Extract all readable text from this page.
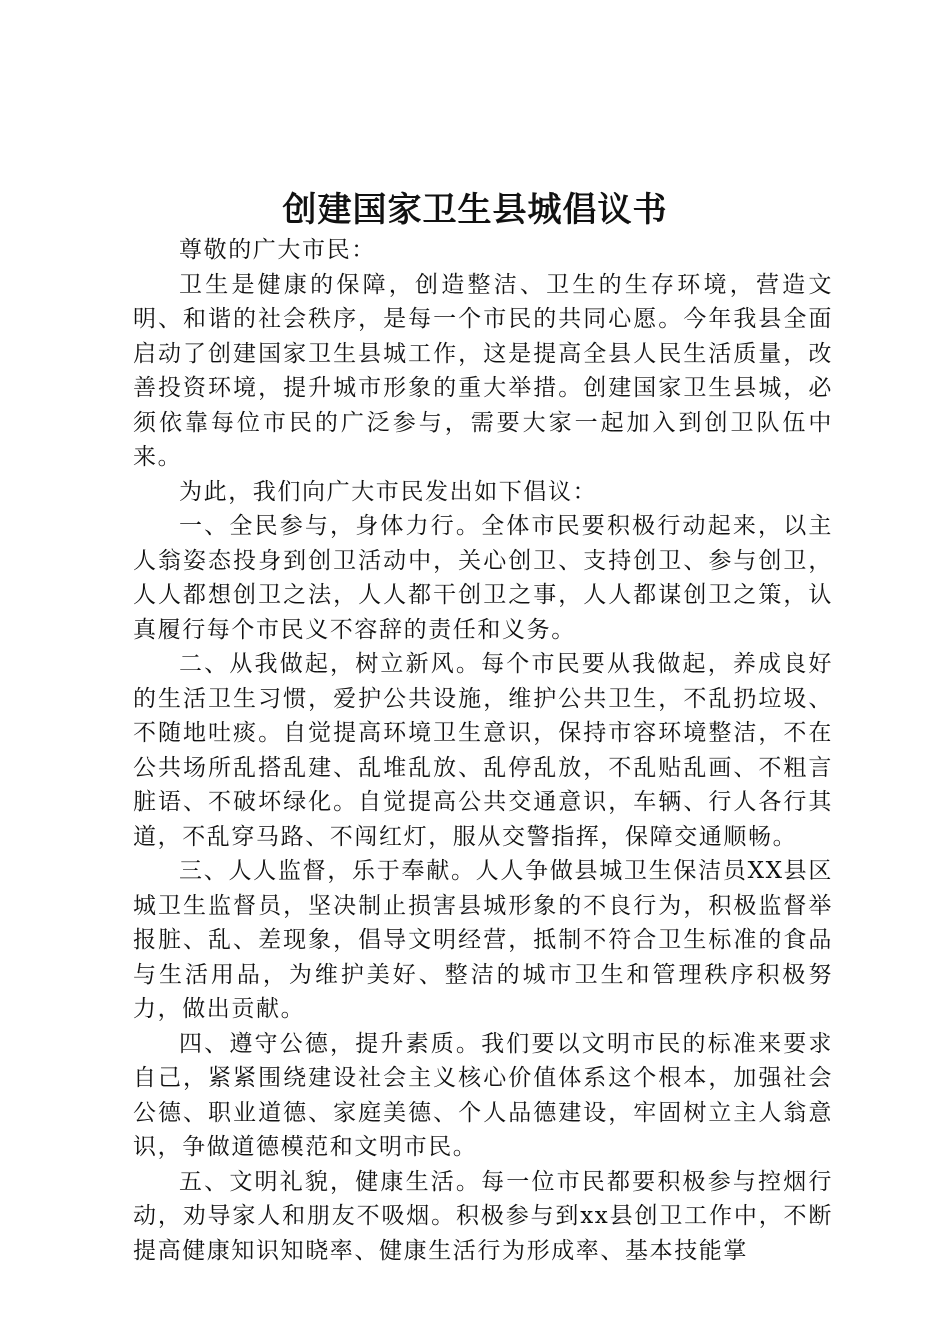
创建国家卫生县城倡议书

尊敬的广大市民：

卫生是健康的保障，创造整洁、卫生的生存环境，营造文明、和谐的社会秩序，是每一个市民的共同心愿。今年我县全面启动了创建国家卫生县城工作，这是提高全县人民生活质量，改善投资环境，提升城市形象的重大举措。创建国家卫生县城，必须依靠每位市民的广泛参与，需要大家一起加入到创卫队伍中来。

为此，我们向广大市民发出如下倡议：

一、全民参与，身体力行。全体市民要积极行动起来，以主人翁姿态投身到创卫活动中，关心创卫、支持创卫、参与创卫，人人都想创卫之法，人人都干创卫之事，人人都谋创卫之策，认真履行每个市民义不容辞的责任和义务。

二、从我做起，树立新风。每个市民要从我做起，养成良好的生活卫生习惯，爱护公共设施，维护公共卫生，不乱扔垃圾、不随地吐痰。自觉提高环境卫生意识，保持市容环境整洁，不在公共场所乱搭乱建、乱堆乱放、乱停乱放，不乱贴乱画、不粗言脏语、不破坏绿化。自觉提高公共交通意识，车辆、行人各行其道，不乱穿马路、不闯红灯，服从交警指挥，保障交通顺畅。

三、人人监督，乐于奉献。人人争做县城卫生保洁员XX县区城卫生监督员，坚决制止损害县城形象的不良行为，积极监督举报脏、乱、差现象，倡导文明经营，抵制不符合卫生标准的食品与生活用品，为维护美好、整洁的城市卫生和管理秩序积极努力，做出贡献。

四、遵守公德，提升素质。我们要以文明市民的标准来要求自己，紧紧围绕建设社会主义核心价值体系这个根本，加强社会公德、职业道德、家庭美德、个人品德建设，牢固树立主人翁意识，争做道德模范和文明市民。

五、文明礼貌，健康生活。每一位市民都要积极参与控烟行动，劝导家人和朋友不吸烟。积极参与到xx县创卫工作中，不断提高健康知识知晓率、健康生活行为形成率、基本技能掌
